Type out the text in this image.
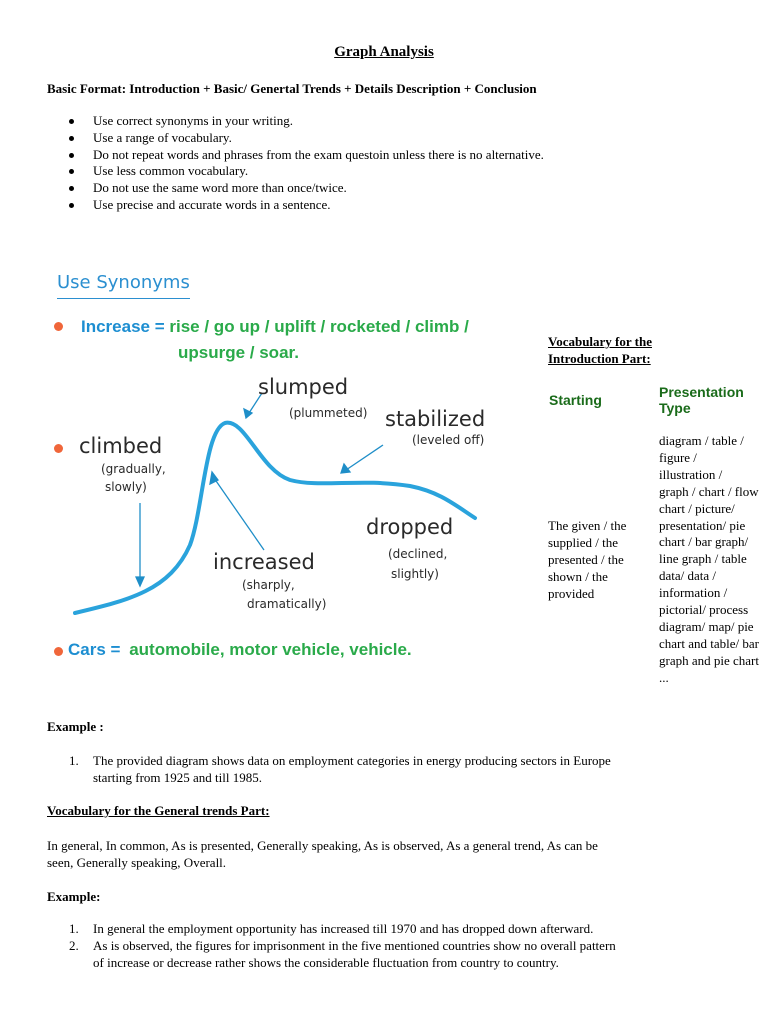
Graph Analysis
Basic Format: Introduction + Basic/ Genertal Trends + Details Description + Conclusion
Use correct synonyms in your writing.
Use a range of vocabulary.
Do not repeat words and phrases from the exam questoin unless there is no alternative.
Use less common vocabulary.
Do not use the same word more than once/twice.
Use precise and accurate words in a sentence.
Use Synonyms
Increase = rise / go up / uplift / rocketed / climb /
upsurge / soar.
climbed
(gradually,
slowly)
slumped
(plummeted) stabilized
(leveled off)
increased
(sharply,
dramatically)
dropped
(declined,
slightly)
Cars = automobile, motor vehicle, vehicle.
Vocabulary for the
Introduction Part:
Starting	Presentation
Type
The given / the
supplied / the
presented / the
shown / the
provided
diagram / table /
figure /
illustration /
graph / chart / flow
chart / picture/
presentation/ pie
chart / bar graph/
line graph / table
data/ data /
information /
pictorial/ process
diagram/ map/ pie
chart and table/ bar
graph and pie chart
...
Example :
1. The provided diagram shows data on employment categories in energy producing sectors in Europe
starting from 1925 and till 1985.
Vocabulary for the General trends Part:
In general, In common, As is presented, Generally speaking, As is observed, As a general trend, As can be
seen, Generally speaking, Overall.
Example:
1. In general the employment opportunity has increased till 1970 and has dropped down afterward.
2. As is observed, the figures for imprisonment in the five mentioned countries show no overall pattern
of increase or decrease rather shows the considerable fluctuation from country to country.
